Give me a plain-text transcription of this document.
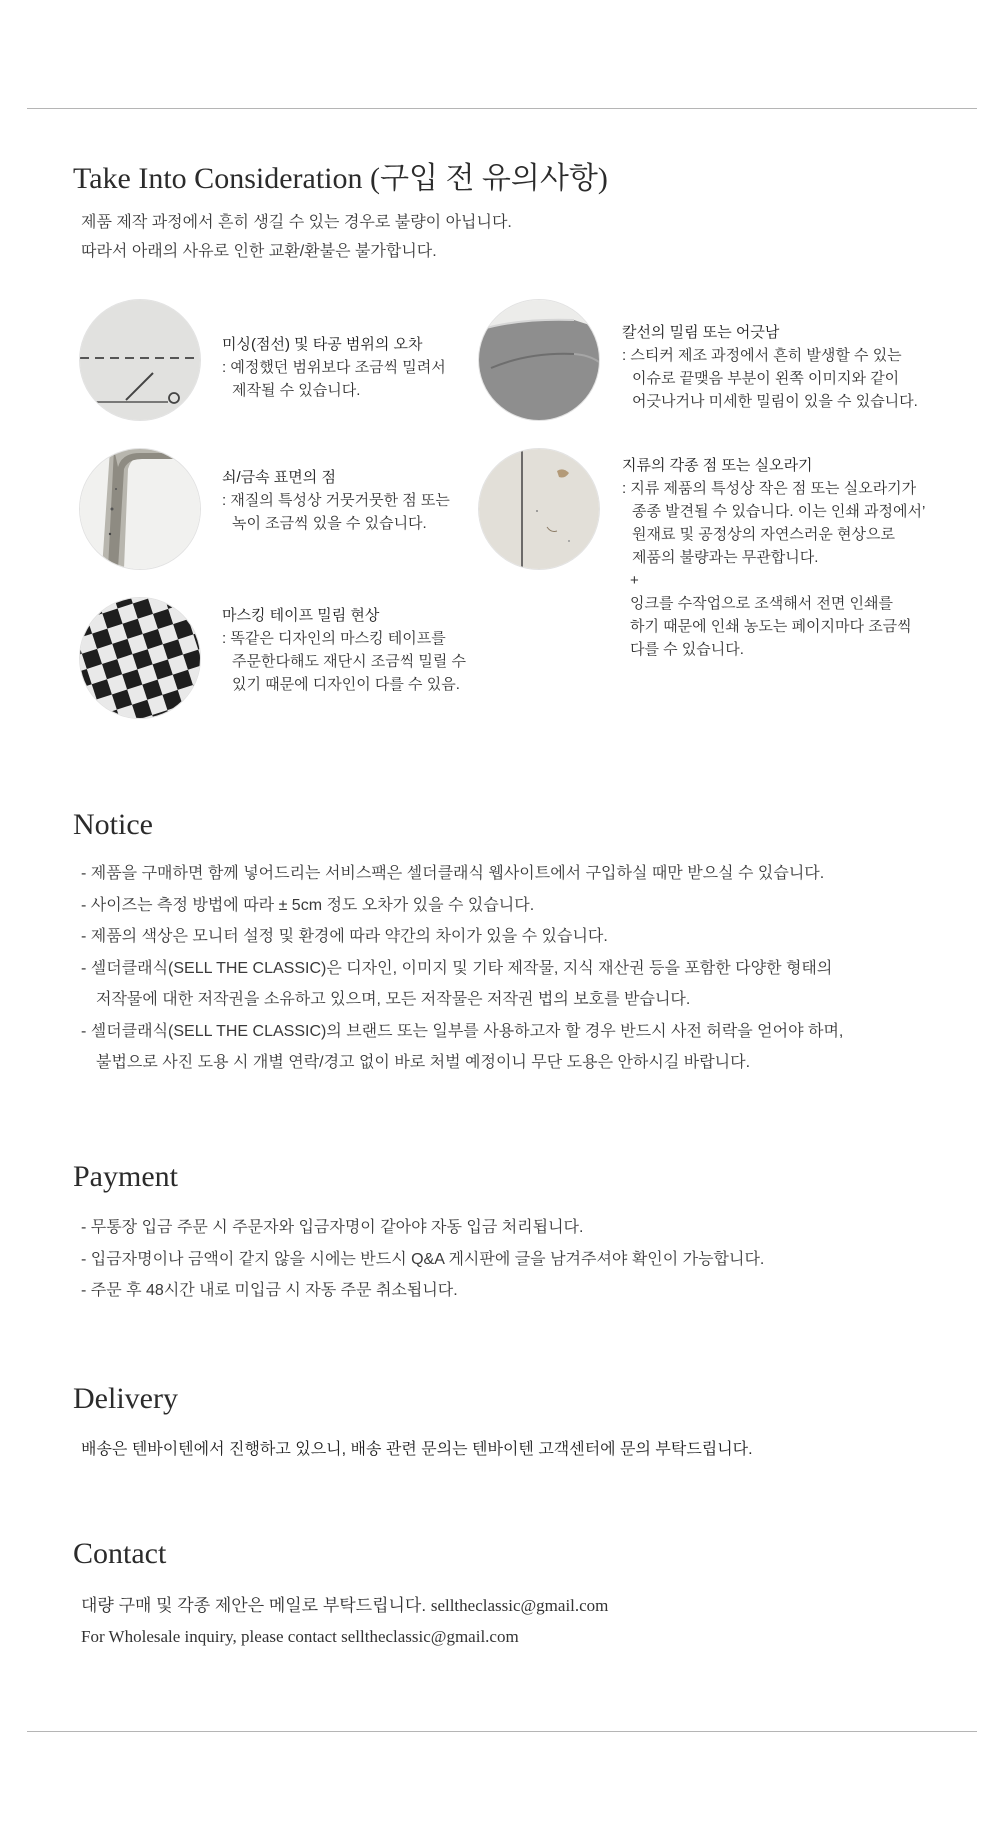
Take Into Consideration (구입 전 유의사항)
제품 제작 과정에서 흔히 생길 수 있는 경우로 불량이 아닙니다.
따라서 아래의 사유로 인한 교환/환불은 불가합니다.
미싱(점선) 및 타공 범위의 오차
: 예정했던 범위보다 조금씩 밀려서
제작될 수 있습니다.
쇠/금속 표면의 점
: 재질의 특성상 거뭇거뭇한 점 또는
녹이 조금씩 있을 수 있습니다.
마스킹 테이프 밀림 현상
: 똑같은 디자인의 마스킹 테이프를
주문한다해도 재단시 조금씩 밀릴 수
있기 때문에 디자인이 다를 수 있음.
칼선의 밀림 또는 어긋남
: 스티커 제조 과정에서 흔히 발생할 수 있는
이슈로 끝맺음 부분이 왼쪽 이미지와 같이
어긋나거나 미세한 밀림이 있을 수 있습니다.
지류의 각종 점 또는 실오라기
: 지류 제품의 특성상 작은 점 또는 실오라기가
종종 발견될 수 있습니다. 이는 인쇄 과정에서’
원재료 및 공정상의 자연스러운 현상으로
제품의 불량과는 무관합니다.
+
잉크를 수작업으로 조색해서 전면 인쇄를
하기 때문에 인쇄 농도는 페이지마다 조금씩
다를 수 있습니다.
Notice
- 제품을 구매하면 함께 넣어드리는 서비스팩은 셀더클래식 웹사이트에서 구입하실 때만 받으실 수 있습니다.
- 사이즈는 측정 방법에 따라 ± 5cm 정도 오차가 있을 수 있습니다.
- 제품의 색상은 모니터 설정 및 환경에 따라 약간의 차이가 있을 수 있습니다.
- 셀더클래식(SELL THE CLASSIC)은 디자인, 이미지 및 기타 제작물, 지식 재산권 등을 포함한 다양한 형태의
저작물에 대한 저작권을 소유하고 있으며, 모든 저작물은 저작권 법의 보호를 받습니다.
- 셀더클래식(SELL THE CLASSIC)의 브랜드 또는 일부를 사용하고자 할 경우 반드시 사전 허락을 얻어야 하며,
불법으로 사진 도용 시 개별 연락/경고 없이 바로 처벌 예정이니 무단 도용은 안하시길 바랍니다.
Payment
- 무통장 입금 주문 시 주문자와 입금자명이 같아야 자동 입금 처리됩니다.
- 입금자명이나 금액이 같지 않을 시에는 반드시 Q&A 게시판에 글을 남겨주셔야 확인이 가능합니다.
- 주문 후 48시간 내로 미입금 시 자동 주문 취소됩니다.
Delivery
배송은 텐바이텐에서 진행하고 있으니, 배송 관련 문의는 텐바이텐 고객센터에 문의 부탁드립니다.
Contact
대량 구매 및 각종 제안은 메일로 부탁드립니다. selltheclassic@gmail.com
For Wholesale inquiry, please contact selltheclassic@gmail.com
